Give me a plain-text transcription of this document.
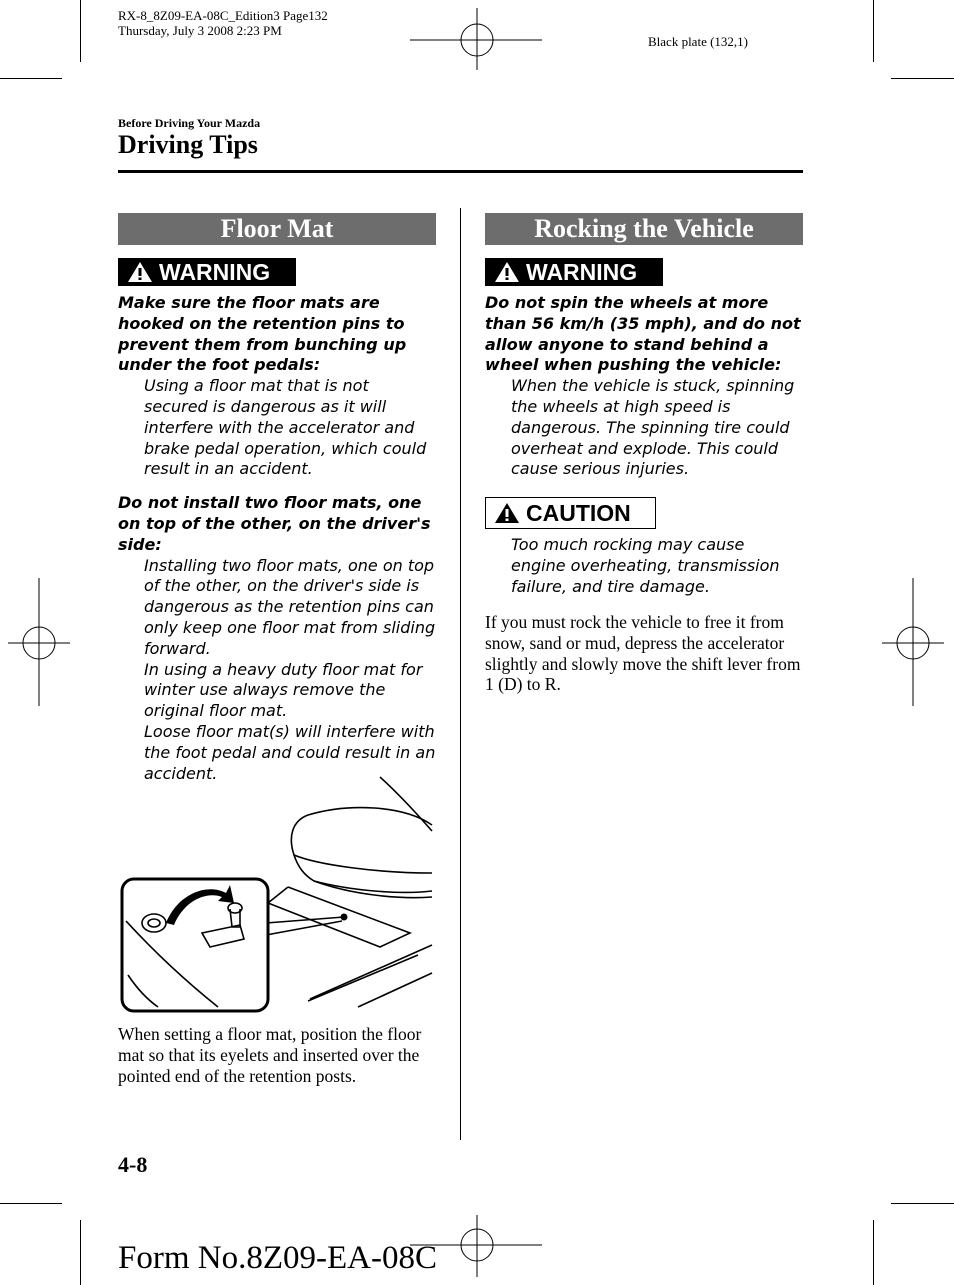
RX-8_8Z09-EA-08C_Edition3 Page132
Thursday, July 3 2008 2:23 PM
Black plate (132,1)
Before Driving Your Mazda
Driving Tips
Floor Mat
WARNING
Make sure the floor mats are hooked on the retention pins to prevent them from bunching up under the foot pedals:
Using a floor mat that is not secured is dangerous as it will interfere with the accelerator and brake pedal operation, which could result in an accident.
Do not install two floor mats, one on top of the other, on the driver's side:
Installing two floor mats, one on top of the other, on the driver's side is dangerous as the retention pins can only keep one floor mat from sliding forward.
In using a heavy duty floor mat for winter use always remove the original floor mat.
Loose floor mat(s) will interfere with the foot pedal and could result in an accident.
When setting a floor mat, position the floor mat so that its eyelets and inserted over the pointed end of the retention posts.
Rocking the Vehicle
WARNING
Do not spin the wheels at more than 56 km/h (35 mph), and do not allow anyone to stand behind a wheel when pushing the vehicle:
When the vehicle is stuck, spinning the wheels at high speed is dangerous. The spinning tire could overheat and explode. This could cause serious injuries.
CAUTION
Too much rocking may cause engine overheating, transmission failure, and tire damage.
If you must rock the vehicle to free it from snow, sand or mud, depress the accelerator slightly and slowly move the shift lever from 1 (D) to R.
4-8
Form No.8Z09-EA-08C
